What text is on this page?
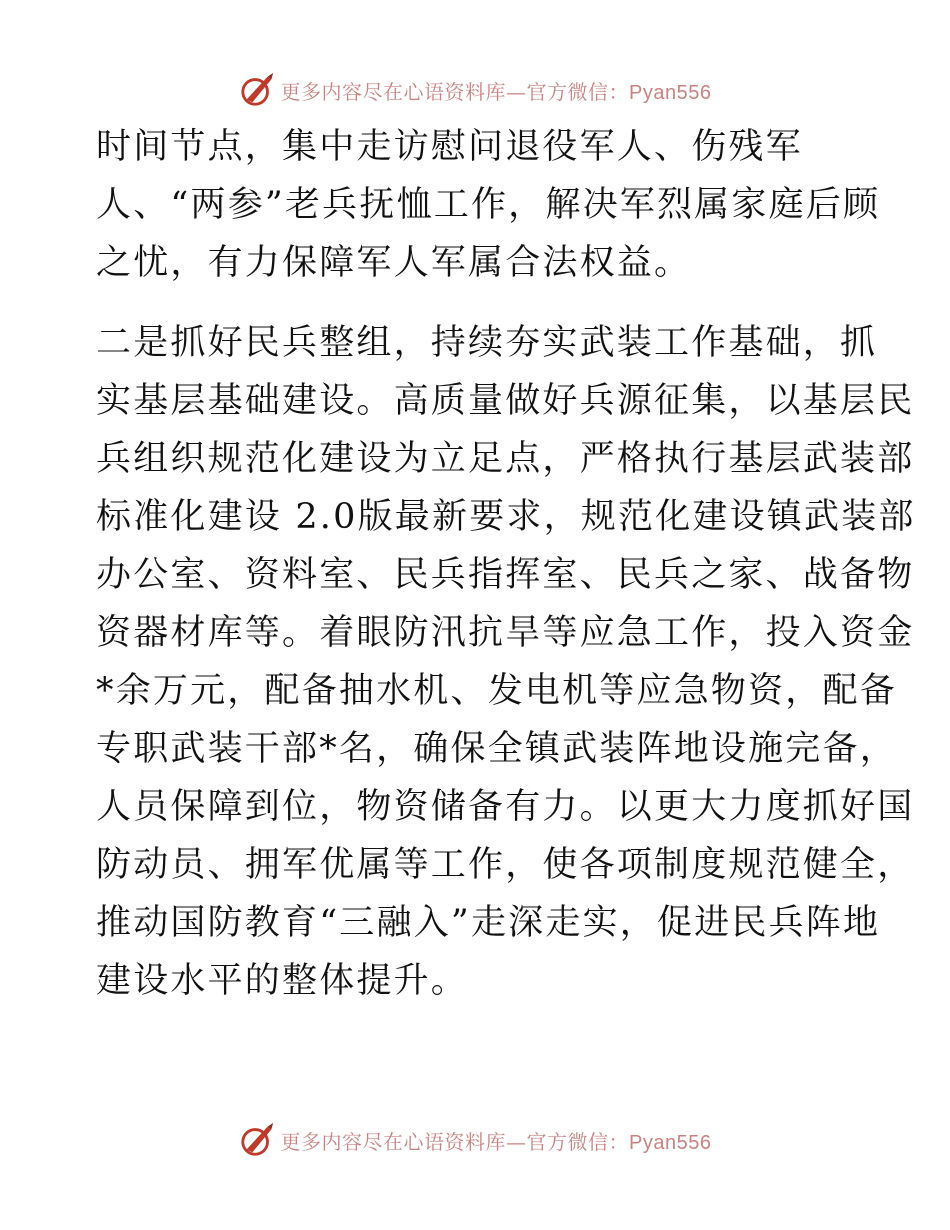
更多内容尽在心语资料库—官方微信：Pyan556

时间节点，集中走访慰问退役军人、伤残军
人、“两参”老兵抚恤工作，解决军烈属家庭后顾
之忧，有力保障军人军属合法权益。

二是抓好民兵整组，持续夯实武装工作基础，抓
实基层基础建设。高质量做好兵源征集，以基层民
兵组织规范化建设为立足点，严格执行基层武装部
标准化建设 2.0版最新要求，规范化建设镇武装部
办公室、资料室、民兵指挥室、民兵之家、战备物
资器材库等。着眼防汛抗旱等应急工作，投入资金
*余万元，配备抽水机、发电机等应急物资，配备
专职武装干部*名，确保全镇武装阵地设施完备，
人员保障到位，物资储备有力。以更大力度抓好国
防动员、拥军优属等工作，使各项制度规范健全，
推动国防教育“三融入”走深走实，促进民兵阵地
建设水平的整体提升。

更多内容尽在心语资料库—官方微信：Pyan556
